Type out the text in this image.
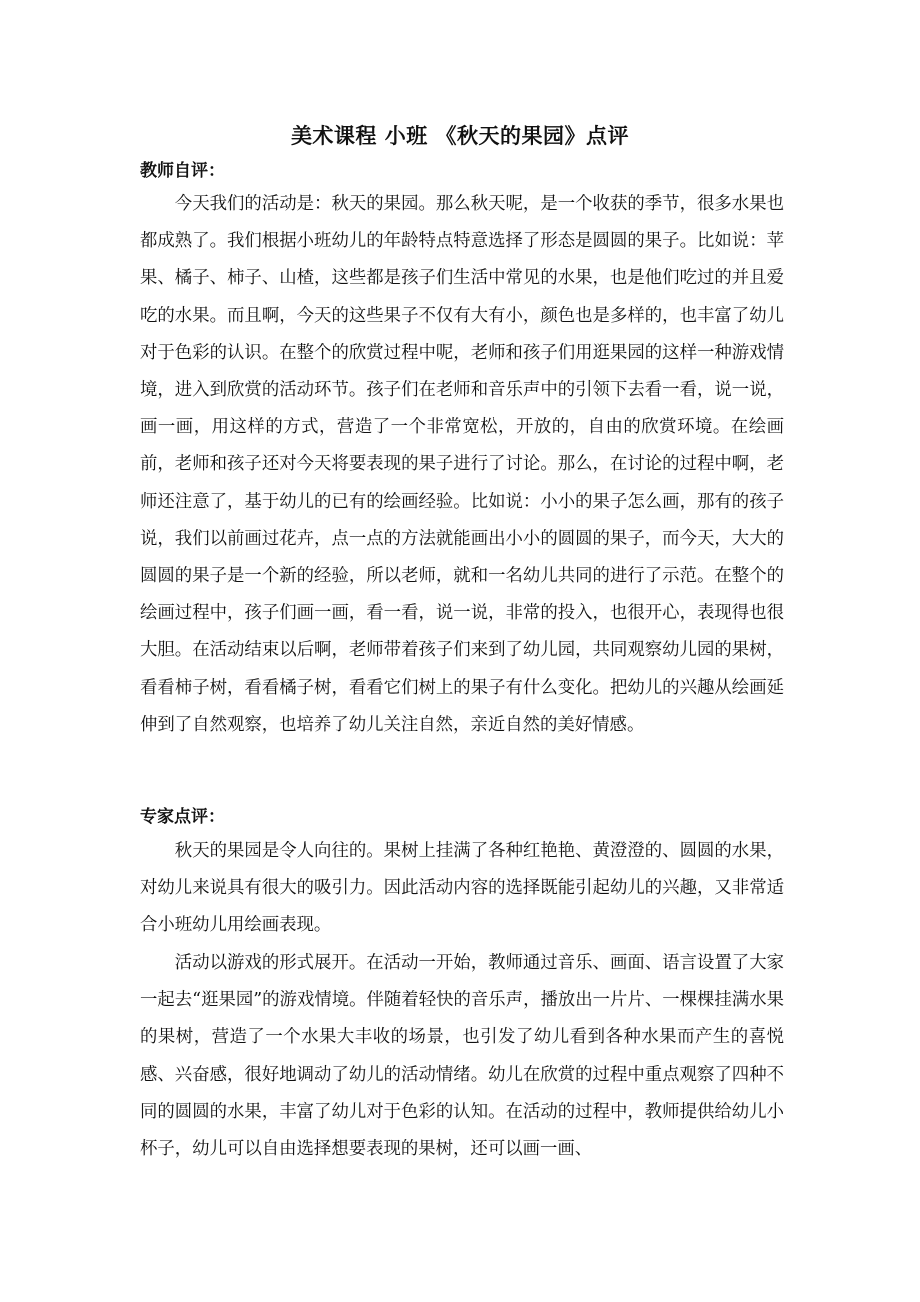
美术课程 小班 《秋天的果园》点评
教师自评：

今天我们的活动是：秋天的果园。那么秋天呢，是一个收获的季节，很多水果也都成熟了。我们根据小班幼儿的年龄特点特意选择了形态是圆圆的果子。比如说：苹果、橘子、柿子、山楂，这些都是孩子们生活中常见的水果，也是他们吃过的并且爱吃的水果。而且啊，今天的这些果子不仅有大有小，颜色也是多样的，也丰富了幼儿对于色彩的认识。在整个的欣赏过程中呢，老师和孩子们用逛果园的这样一种游戏情境，进入到欣赏的活动环节。孩子们在老师和音乐声中的引领下去看一看，说一说，画一画，用这样的方式，营造了一个非常宽松，开放的，自由的欣赏环境。在绘画前，老师和孩子还对今天将要表现的果子进行了讨论。那么，在讨论的过程中啊，老师还注意了，基于幼儿的已有的绘画经验。比如说：小小的果子怎么画，那有的孩子说，我们以前画过花卉，点一点的方法就能画出小小的圆圆的果子，而今天，大大的圆圆的果子是一个新的经验，所以老师，就和一名幼儿共同的进行了示范。在整个的绘画过程中，孩子们画一画，看一看，说一说，非常的投入，也很开心，表现得也很大胆。在活动结束以后啊，老师带着孩子们来到了幼儿园，共同观察幼儿园的果树，看看柿子树，看看橘子树，看看它们树上的果子有什么变化。把幼儿的兴趣从绘画延伸到了自然观察，也培养了幼儿关注自然，亲近自然的美好情感。

专家点评：

秋天的果园是令人向往的。果树上挂满了各种红艳艳、黄澄澄的、圆圆的水果，对幼儿来说具有很大的吸引力。因此活动内容的选择既能引起幼儿的兴趣，又非常适合小班幼儿用绘画表现。

活动以游戏的形式展开。在活动一开始，教师通过音乐、画面、语言设置了大家一起去“逛果园”的游戏情境。伴随着轻快的音乐声，播放出一片片、一棵棵挂满水果的果树，营造了一个水果大丰收的场景，也引发了幼儿看到各种水果而产生的喜悦感、兴奋感，很好地调动了幼儿的活动情绪。幼儿在欣赏的过程中重点观察了四种不同的圆圆的水果，丰富了幼儿对于色彩的认知。在活动的过程中，教师提供给幼儿小杯子，幼儿可以自由选择想要表现的果树，还可以画一画、
